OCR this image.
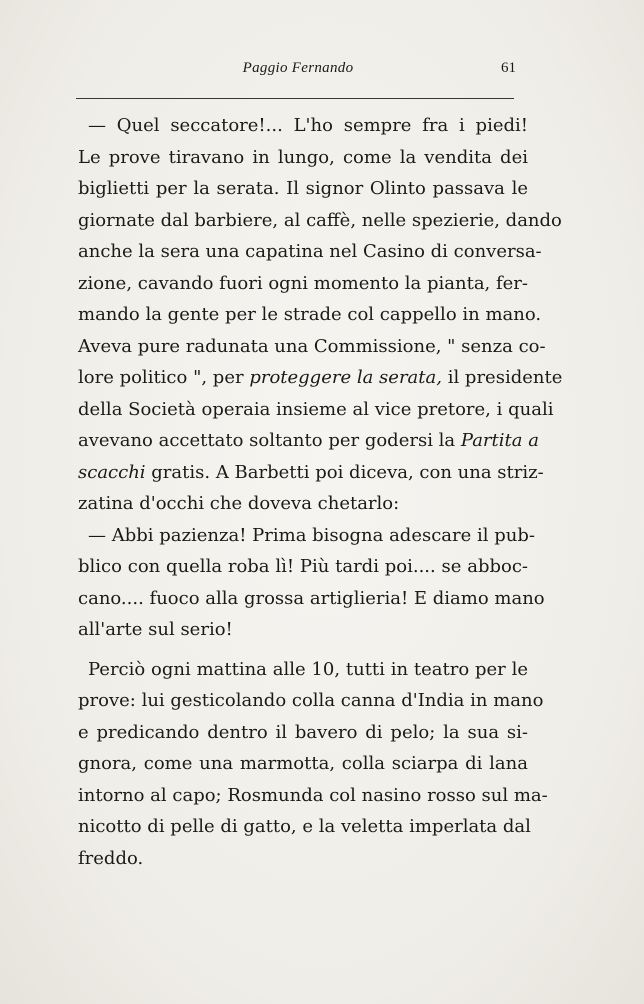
Paggio Fernando	61
— Quel seccatore!... L'ho sempre fra i piedi!
Le prove tiravano in lungo, come la vendita dei
biglietti per la serata. Il signor Olinto passava le
giornate dal barbiere, al caffè, nelle spezierie, dando
anche la sera una capatina nel Casino di conversa-
zione, cavando fuori ogni momento la pianta, fer-
mando la gente per le strade col cappello in mano.
Aveva pure radunata una Commissione, " senza co-
lore politico ", per proteggere la serata, il presidente
della Società operaia insieme al vice pretore, i quali
avevano accettato soltanto per godersi la Partita a
scacchi gratis. A Barbetti poi diceva, con una striz-
zatina d'occhi che doveva chetarlo:
— Abbi pazienza! Prima bisogna adescare il pub-
blico con quella roba lì! Più tardi poi.... se abboc-
cano.... fuoco alla grossa artiglieria! E diamo mano
all'arte sul serio!
Perciò ogni mattina alle 10, tutti in teatro per le
prove: lui gesticolando colla canna d'India in mano
e predicando dentro il bavero di pelo; la sua si-
gnora, come una marmotta, colla sciarpa di lana
intorno al capo; Rosmunda col nasino rosso sul ma-
nicotto di pelle di gatto, e la veletta imperlata dal
freddo.
